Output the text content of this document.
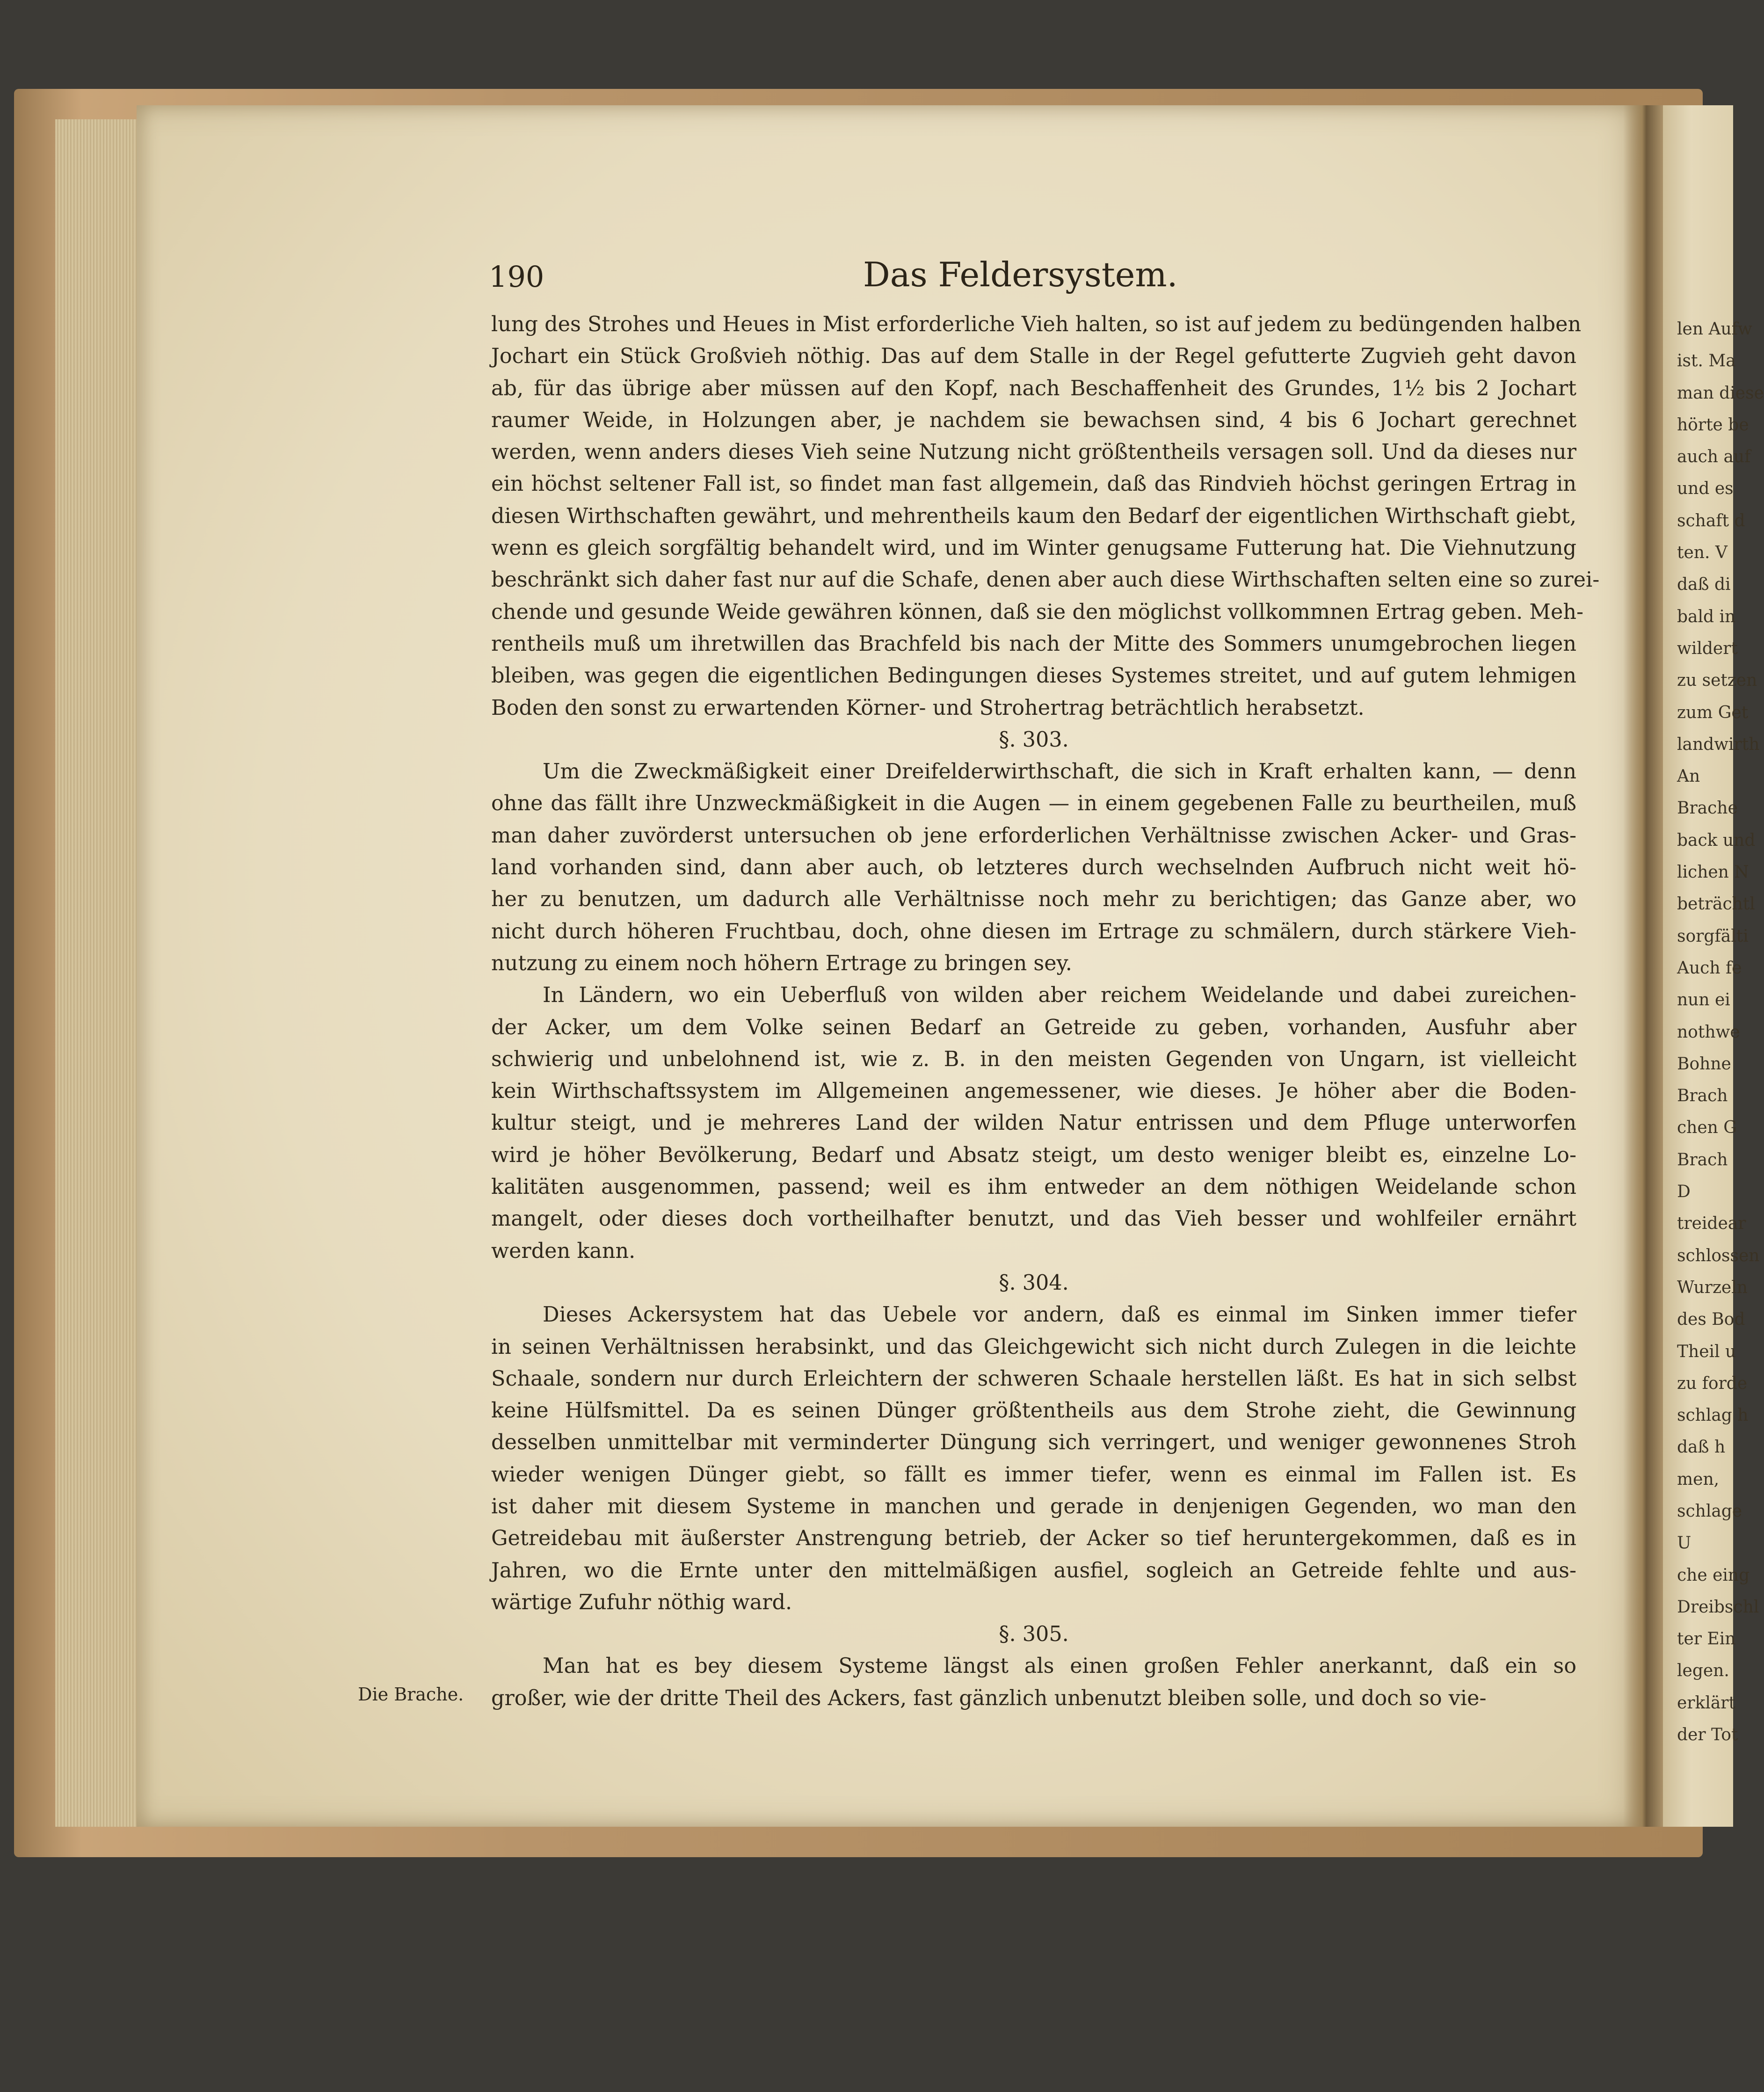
len Aufw
ist. Ma
man diese
hörte be
auch auf
und es
schaft d
ten. V
daß di
bald in
wildert
zu setzen
zum Get
landwirth
An
Brache
back und
lichen N
beträchtl
sorgfälti
Auch fe
nun ei
nothwe
Bohne
Brach
chen G
Brach
D
treidear
schlossen
Wurzeln
des Bod
Theil u
zu forde
schlag h
daß h
men,
schlage
U
che eing
Dreibschl
ter Ein
legen.
erklärt
der Tot
190	Das Feldersystem.
lung des Strohes und Heues in Mist erforderliche Vieh halten, so ist auf jedem zu bedüngenden halben
Jochart ein Stück Großvieh nöthig. Das auf dem Stalle in der Regel gefutterte Zugvieh geht davon
ab, für das übrige aber müssen auf den Kopf, nach Beschaffenheit des Grundes, 1½ bis 2 Jochart
raumer Weide, in Holzungen aber, je nachdem sie bewachsen sind, 4 bis 6 Jochart gerechnet
werden, wenn anders dieses Vieh seine Nutzung nicht größtentheils versagen soll. Und da dieses nur
ein höchst seltener Fall ist, so findet man fast allgemein, daß das Rindvieh höchst geringen Ertrag in
diesen Wirthschaften gewährt, und mehrentheils kaum den Bedarf der eigentlichen Wirthschaft giebt,
wenn es gleich sorgfältig behandelt wird, und im Winter genugsame Futterung hat. Die Viehnutzung
beschränkt sich daher fast nur auf die Schafe, denen aber auch diese Wirthschaften selten eine so zurei-
chende und gesunde Weide gewähren können, daß sie den möglichst vollkommnen Ertrag geben. Meh-
rentheils muß um ihretwillen das Brachfeld bis nach der Mitte des Sommers unumgebrochen liegen
bleiben, was gegen die eigentlichen Bedingungen dieses Systemes streitet, und auf gutem lehmigen
Boden den sonst zu erwartenden Körner- und Strohertrag beträchtlich herabsetzt.
§. 303.
Um die Zweckmäßigkeit einer Dreifelderwirthschaft, die sich in Kraft erhalten kann, — denn
ohne das fällt ihre Unzweckmäßigkeit in die Augen — in einem gegebenen Falle zu beurtheilen, muß
man daher zuvörderst untersuchen ob jene erforderlichen Verhältnisse zwischen Acker- und Gras-
land vorhanden sind, dann aber auch, ob letzteres durch wechselnden Aufbruch nicht weit hö-
her zu benutzen, um dadurch alle Verhältnisse noch mehr zu berichtigen; das Ganze aber, wo
nicht durch höheren Fruchtbau, doch, ohne diesen im Ertrage zu schmälern, durch stärkere Vieh-
nutzung zu einem noch höhern Ertrage zu bringen sey.
In Ländern, wo ein Ueberfluß von wilden aber reichem Weidelande und dabei zureichen-
der Acker, um dem Volke seinen Bedarf an Getreide zu geben, vorhanden, Ausfuhr aber
schwierig und unbelohnend ist, wie z. B. in den meisten Gegenden von Ungarn, ist vielleicht
kein Wirthschaftssystem im Allgemeinen angemessener, wie dieses. Je höher aber die Boden-
kultur steigt, und je mehreres Land der wilden Natur entrissen und dem Pfluge unterworfen
wird je höher Bevölkerung, Bedarf und Absatz steigt, um desto weniger bleibt es, einzelne Lo-
kalitäten ausgenommen, passend; weil es ihm entweder an dem nöthigen Weidelande schon
mangelt, oder dieses doch vortheilhafter benutzt, und das Vieh besser und wohlfeiler ernährt
werden kann.
§. 304.
Dieses Ackersystem hat das Uebele vor andern, daß es einmal im Sinken immer tiefer
in seinen Verhältnissen herabsinkt, und das Gleichgewicht sich nicht durch Zulegen in die leichte
Schaale, sondern nur durch Erleichtern der schweren Schaale herstellen läßt. Es hat in sich selbst
keine Hülfsmittel. Da es seinen Dünger größtentheils aus dem Strohe zieht, die Gewinnung
desselben unmittelbar mit verminderter Düngung sich verringert, und weniger gewonnenes Stroh
wieder wenigen Dünger giebt, so fällt es immer tiefer, wenn es einmal im Fallen ist. Es
ist daher mit diesem Systeme in manchen und gerade in denjenigen Gegenden, wo man den
Getreidebau mit äußerster Anstrengung betrieb, der Acker so tief heruntergekommen, daß es in
Jahren, wo die Ernte unter den mittelmäßigen ausfiel, sogleich an Getreide fehlte und aus-
wärtige Zufuhr nöthig ward.
§. 305.
Man hat es bey diesem Systeme längst als einen großen Fehler anerkannt, daß ein so
großer, wie der dritte Theil des Ackers, fast gänzlich unbenutzt bleiben solle, und doch so vie-
Die Brache.
